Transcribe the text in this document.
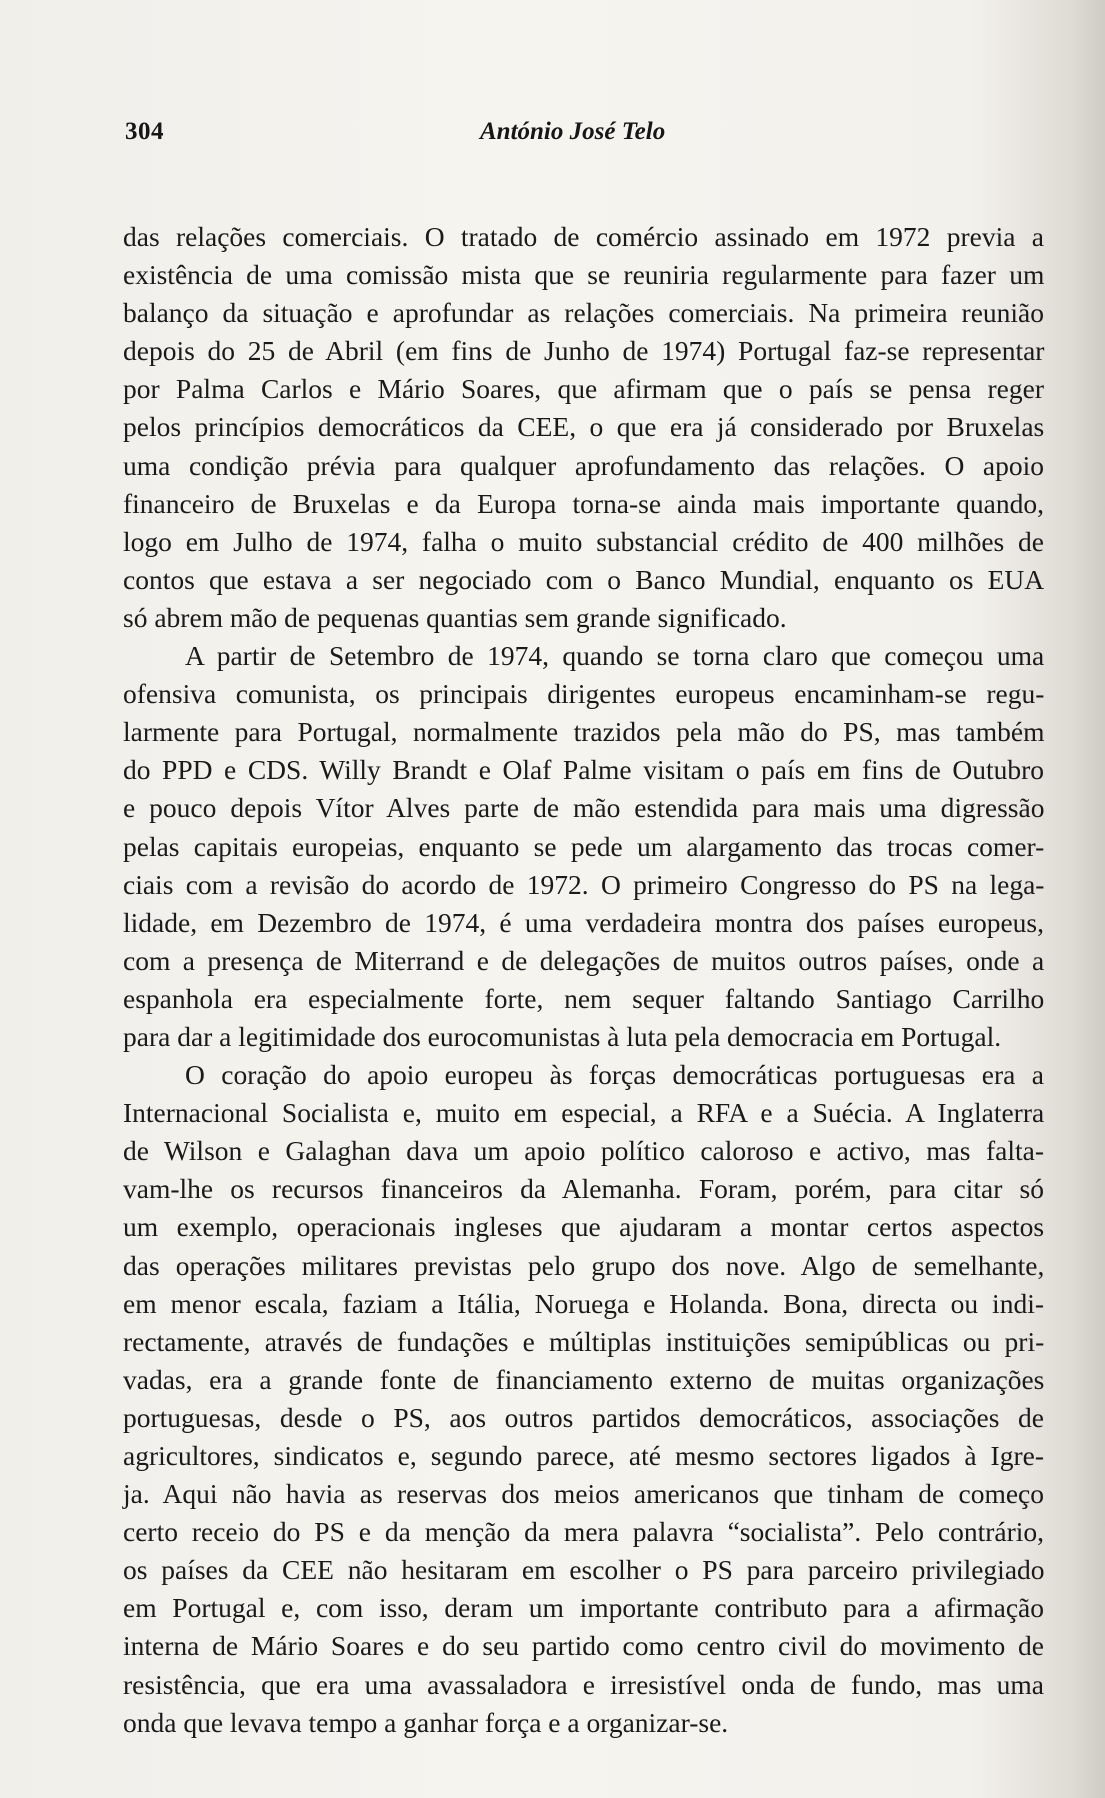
304	António José Telo

das relações comerciais. O tratado de comércio assinado em 1972 previa a
existência de uma comissão mista que se reuniria regularmente para fazer um
balanço da situação e aprofundar as relações comerciais. Na primeira reunião
depois do 25 de Abril (em fins de Junho de 1974) Portugal faz-se representar
por Palma Carlos e Mário Soares, que afirmam que o país se pensa reger
pelos princípios democráticos da CEE, o que era já considerado por Bruxelas
uma condição prévia para qualquer aprofundamento das relações. O apoio
financeiro de Bruxelas e da Europa torna-se ainda mais importante quando,
logo em Julho de 1974, falha o muito substancial crédito de 400 milhões de
contos que estava a ser negociado com o Banco Mundial, enquanto os EUA
só abrem mão de pequenas quantias sem grande significado.

A partir de Setembro de 1974, quando se torna claro que começou uma
ofensiva comunista, os principais dirigentes europeus encaminham-se regu-
larmente para Portugal, normalmente trazidos pela mão do PS, mas também
do PPD e CDS. Willy Brandt e Olaf Palme visitam o país em fins de Outubro
e pouco depois Vítor Alves parte de mão estendida para mais uma digressão
pelas capitais europeias, enquanto se pede um alargamento das trocas comer-
ciais com a revisão do acordo de 1972. O primeiro Congresso do PS na lega-
lidade, em Dezembro de 1974, é uma verdadeira montra dos países europeus,
com a presença de Miterrand e de delegações de muitos outros países, onde a
espanhola era especialmente forte, nem sequer faltando Santiago Carrilho
para dar a legitimidade dos eurocomunistas à luta pela democracia em Portugal.

O coração do apoio europeu às forças democráticas portuguesas era a
Internacional Socialista e, muito em especial, a RFA e a Suécia. A Inglaterra
de Wilson e Galaghan dava um apoio político caloroso e activo, mas falta-
vam-lhe os recursos financeiros da Alemanha. Foram, porém, para citar só
um exemplo, operacionais ingleses que ajudaram a montar certos aspectos
das operações militares previstas pelo grupo dos nove. Algo de semelhante,
em menor escala, faziam a Itália, Noruega e Holanda. Bona, directa ou indi-
rectamente, através de fundações e múltiplas instituições semipúblicas ou pri-
vadas, era a grande fonte de financiamento externo de muitas organizações
portuguesas, desde o PS, aos outros partidos democráticos, associações de
agricultores, sindicatos e, segundo parece, até mesmo sectores ligados à Igre-
ja. Aqui não havia as reservas dos meios americanos que tinham de começo
certo receio do PS e da menção da mera palavra “socialista”. Pelo contrário,
os países da CEE não hesitaram em escolher o PS para parceiro privilegiado
em Portugal e, com isso, deram um importante contributo para a afirmação
interna de Mário Soares e do seu partido como centro civil do movimento de
resistência, que era uma avassaladora e irresistível onda de fundo, mas uma
onda que levava tempo a ganhar força e a organizar-se.
